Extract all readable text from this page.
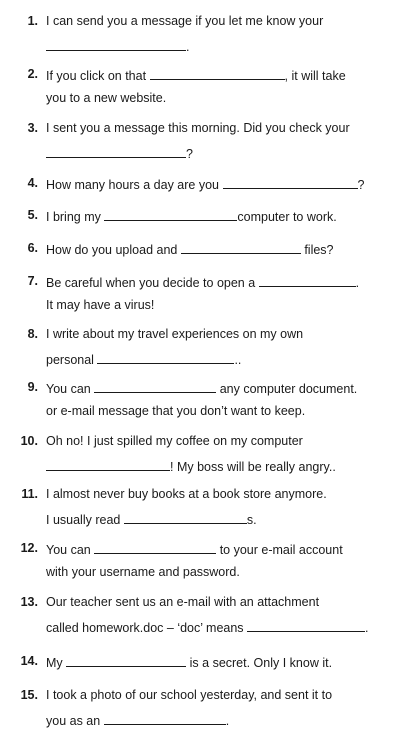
1. I can send you a message if you let me know your
.
2. If you click on that	, it will take
you to a new website.
3. I sent you a message this morning. Did you check your
?
4. How many hours a day are you	?
5. I bring my	computer to work.
6. How do you upload and	files?
7. Be careful when you decide to open a	.
It may have a virus!
8. I write about my travel experiences on my own
personal	..
9. You can	any computer document.
or e-mail message that you don’t want to keep.
10. Oh no! I just spilled my coffee on my computer
! My boss will be really angry..
11. I almost never buy books at a book store anymore.
I usually read	s.
12. You can	to your e-mail account
with your username and password.
13. Our teacher sent us an e-mail with an attachment
called homework.doc – ‘doc’ means	.
14. My	is a secret. Only I know it.
15. I took a photo of our school yesterday, and sent it to
you as an	.
